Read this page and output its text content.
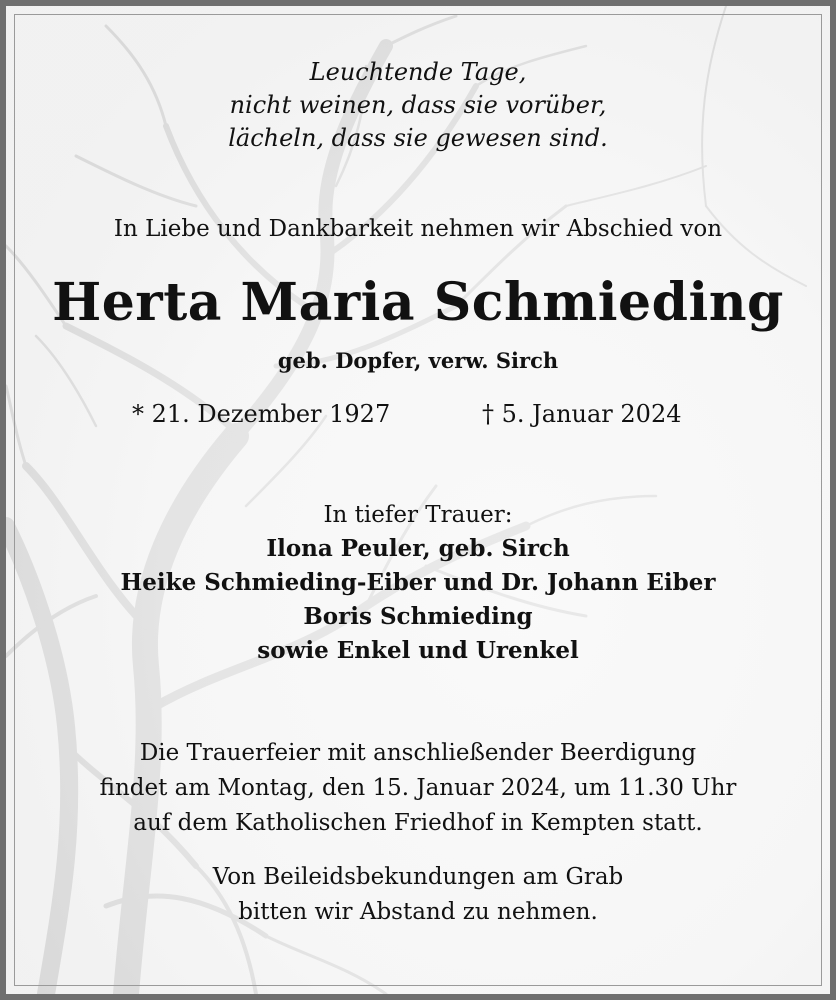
Leuchtende Tage,
nicht weinen, dass sie vorüber,
lächeln, dass sie gewesen sind.
In Liebe und Dankbarkeit nehmen wir Abschied von
Herta Maria Schmieding
geb. Dopfer, verw. Sirch
* 21. Dezember 1927	† 5. Januar 2024
In tiefer Trauer:
Ilona Peuler, geb. Sirch
Heike Schmieding-Eiber und Dr. Johann Eiber
Boris Schmieding
sowie Enkel und Urenkel
Die Trauerfeier mit anschließender Beerdigung
findet am Montag, den 15. Januar 2024, um 11.30 Uhr
auf dem Katholischen Friedhof in Kempten statt.
Von Beileidsbekundungen am Grab
bitten wir Abstand zu nehmen.
